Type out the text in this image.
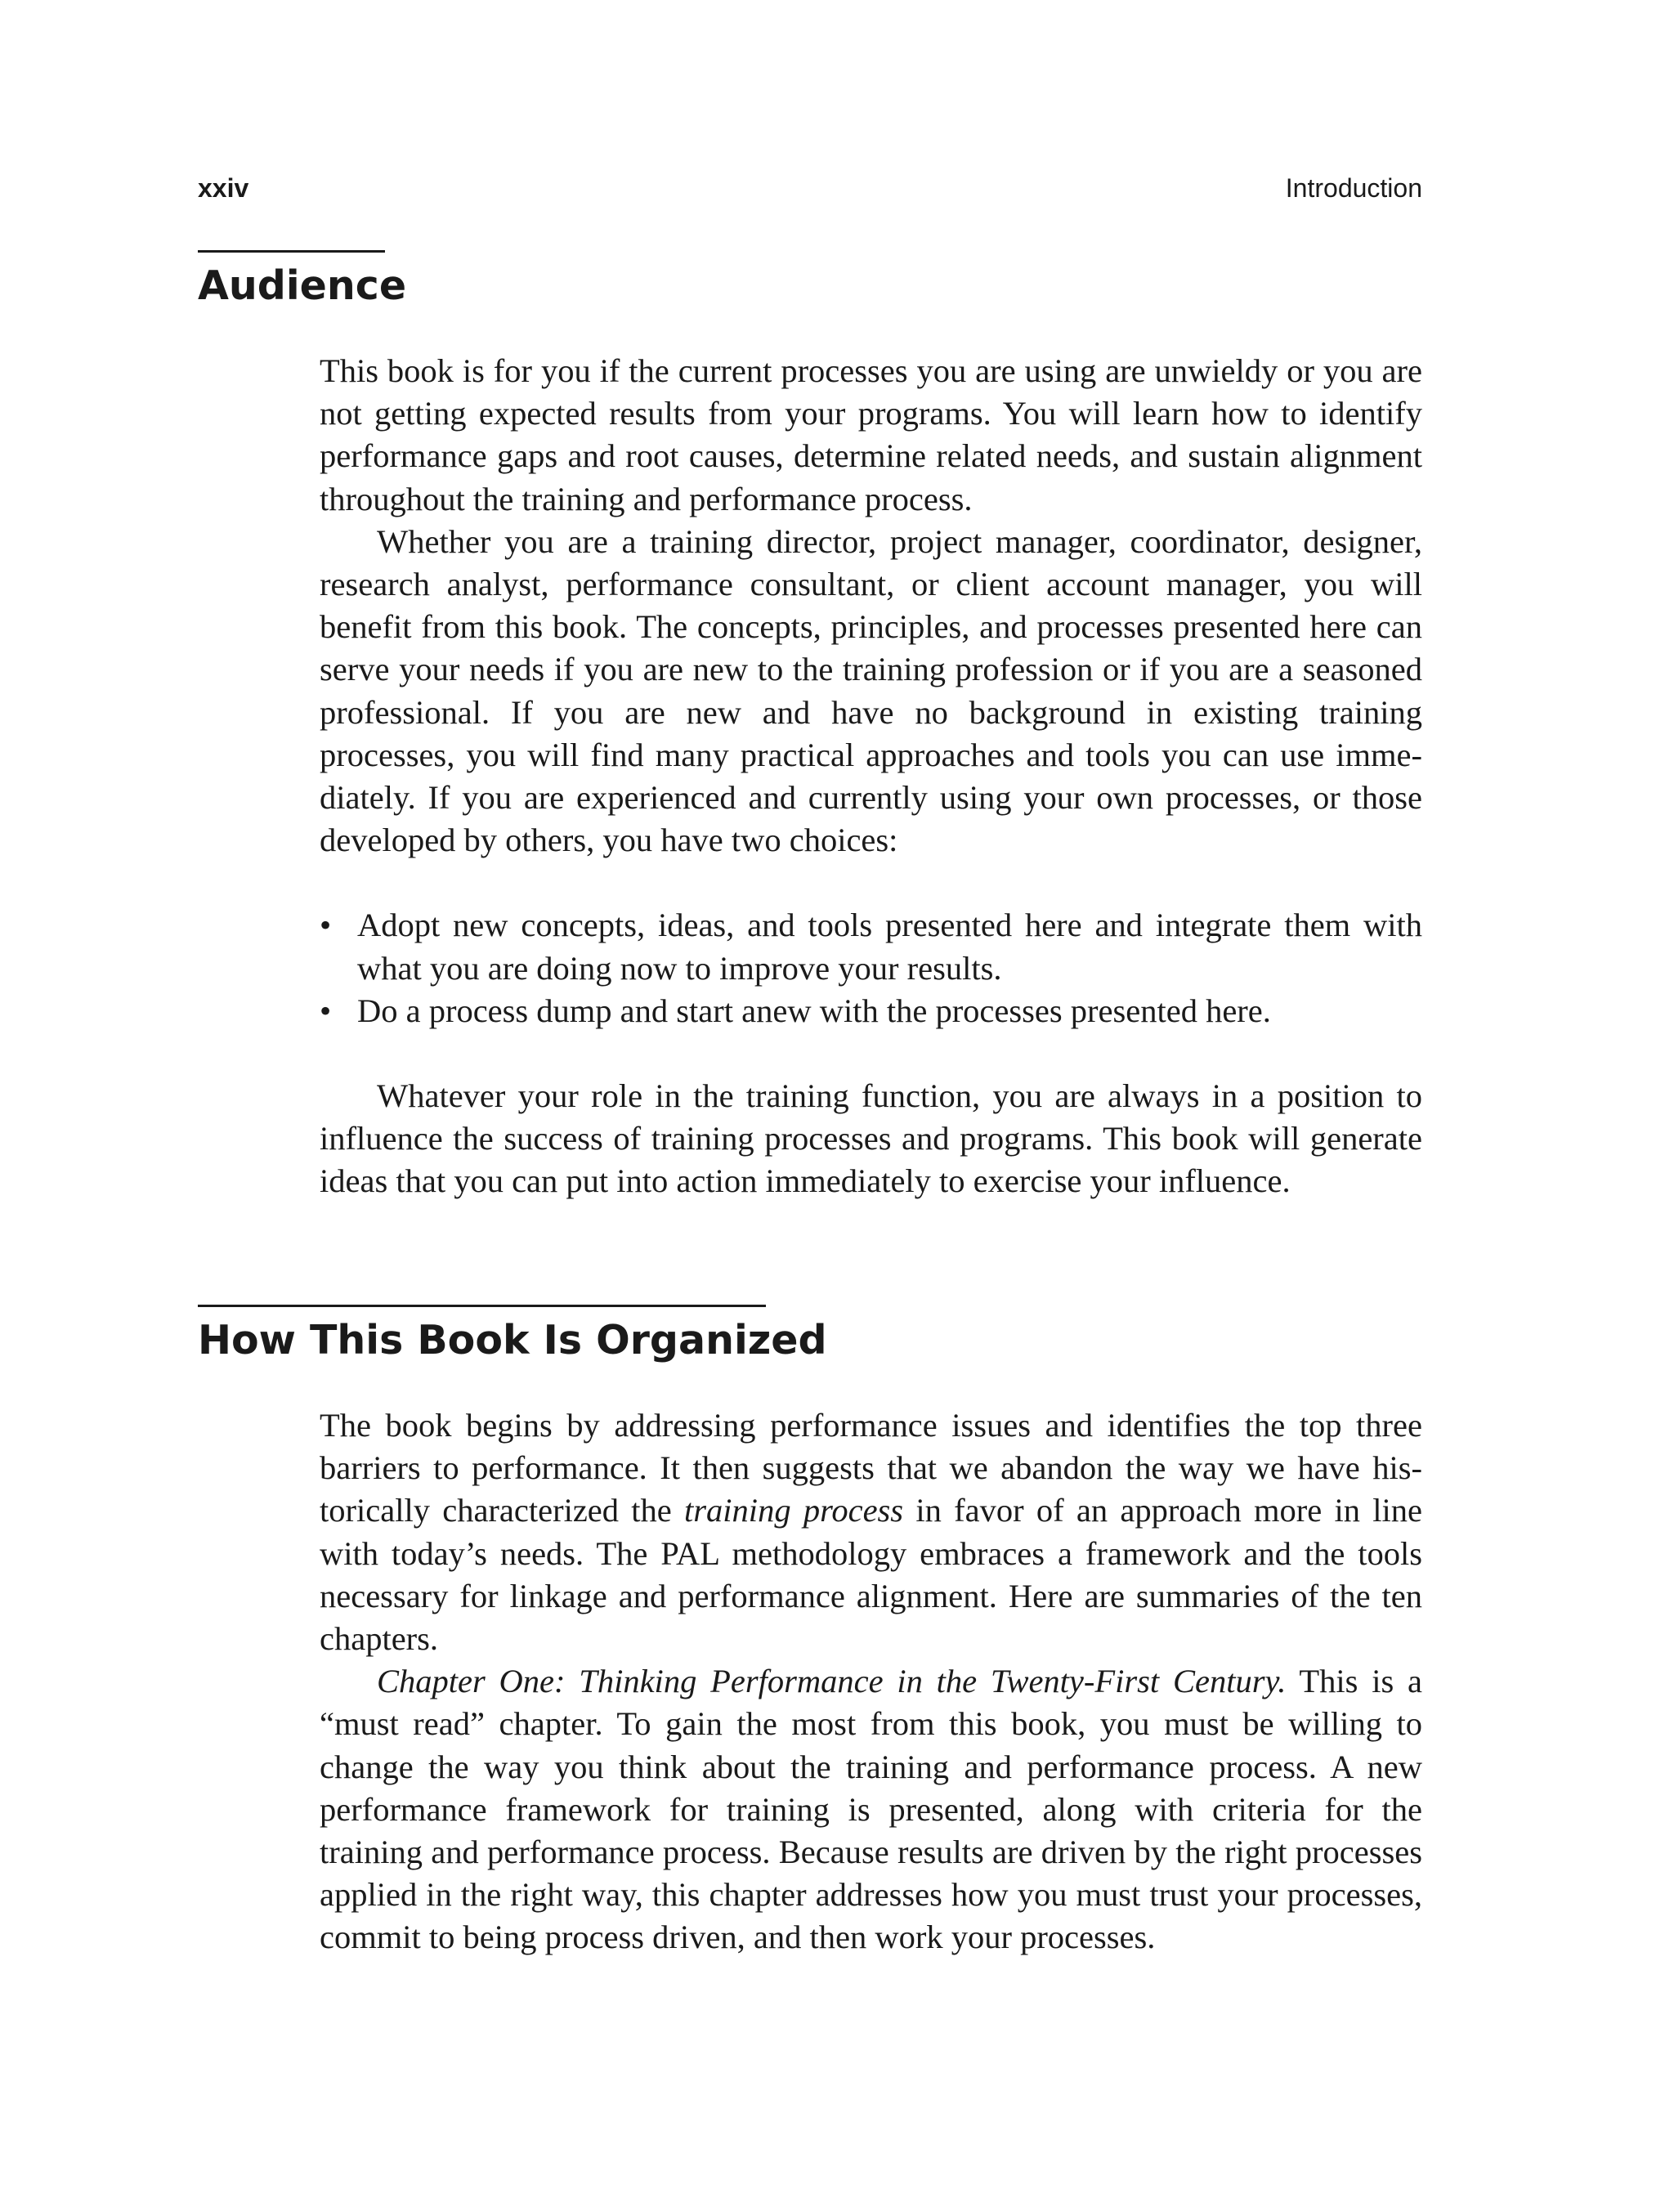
xxiv	Introduction
Audience

This book is for you if the current processes you are using are unwieldy or you are not getting expected results from your programs. You will learn how to identify performance gaps and root causes, determine related needs, and sustain alignment throughout the training and performance process.

Whether you are a training director, project manager, coordinator, designer, research analyst, performance consultant, or client account manager, you will benefit from this book. The concepts, principles, and processes presented here can serve your needs if you are new to the training profession or if you are a seasoned professional. If you are new and have no background in existing training processes, you will find many practical approaches and tools you can use immediately. If you are experienced and currently using your own processes, or those developed by others, you have two choices:

• Adopt new concepts, ideas, and tools presented here and integrate them with what you are doing now to improve your results.
• Do a process dump and start anew with the processes presented here.

Whatever your role in the training function, you are always in a position to influence the success of training processes and programs. This book will generate ideas that you can put into action immediately to exercise your influence.

How This Book Is Organized

The book begins by addressing performance issues and identifies the top three barriers to performance. It then suggests that we abandon the way we have historically characterized the training process in favor of an approach more in line with today’s needs. The PAL methodology embraces a framework and the tools necessary for linkage and performance alignment. Here are summaries of the ten chapters.

Chapter One: Thinking Performance in the Twenty-First Century. This is a “must read” chapter. To gain the most from this book, you must be willing to change the way you think about the training and performance process. A new performance framework for training is presented, along with criteria for the training and performance process. Because results are driven by the right processes applied in the right way, this chapter addresses how you must trust your processes, commit to being process driven, and then work your processes.
